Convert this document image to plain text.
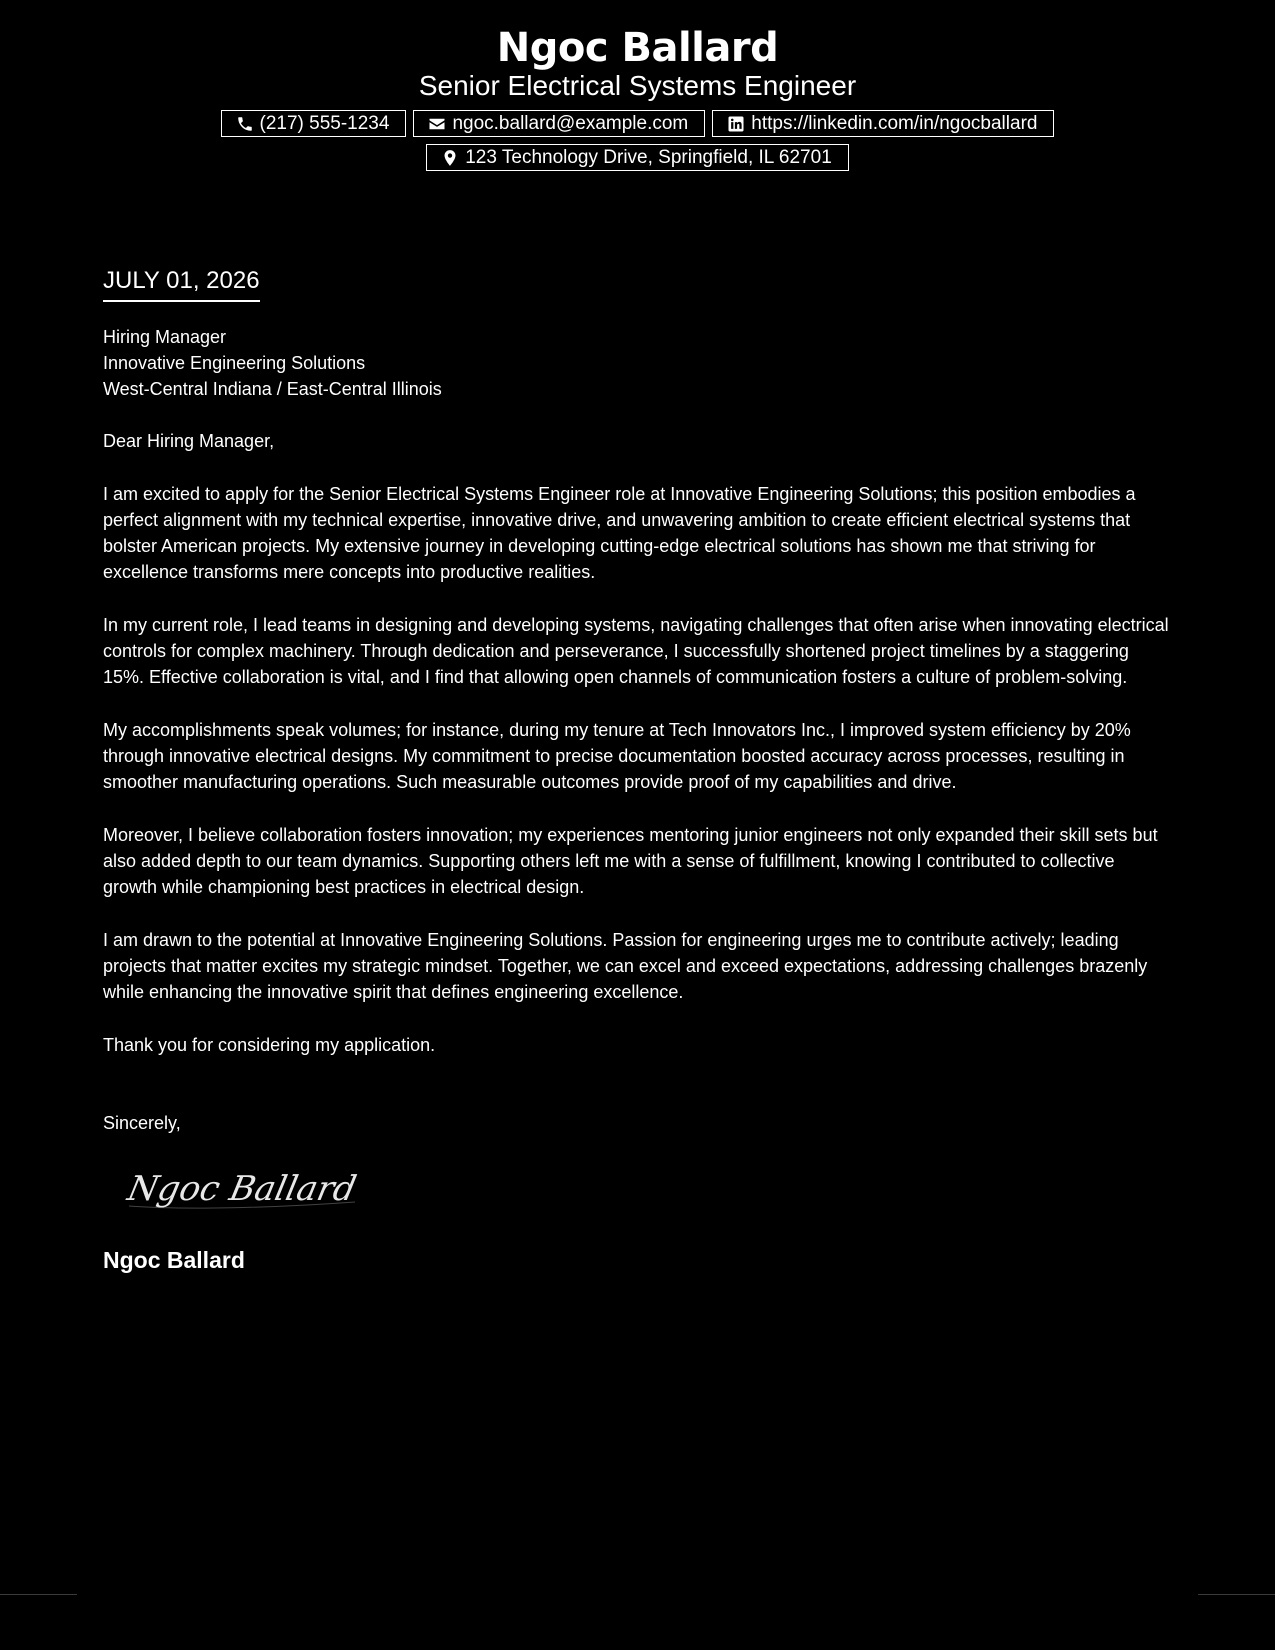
Ngoc Ballard
Senior Electrical Systems Engineer
(217) 555-1234	ngoc.ballard@example.com	https://linkedin.com/in/ngocballard
123 Technology Drive, Springfield, IL 62701
JULY 01, 2026
Hiring Manager
Innovative Engineering Solutions
West-Central Indiana / East-Central Illinois
Dear Hiring Manager,
I am excited to apply for the Senior Electrical Systems Engineer role at Innovative Engineering Solutions; this position embodies a perfect alignment with my technical expertise, innovative drive, and unwavering ambition to create efficient electrical systems that bolster American projects. My extensive journey in developing cutting-edge electrical solutions has shown me that striving for excellence transforms mere concepts into productive realities.
In my current role, I lead teams in designing and developing systems, navigating challenges that often arise when innovating electrical controls for complex machinery. Through dedication and perseverance, I successfully shortened project timelines by a staggering 15%. Effective collaboration is vital, and I find that allowing open channels of communication fosters a culture of problem-solving.
My accomplishments speak volumes; for instance, during my tenure at Tech Innovators Inc., I improved system efficiency by 20% through innovative electrical designs. My commitment to precise documentation boosted accuracy across processes, resulting in smoother manufacturing operations. Such measurable outcomes provide proof of my capabilities and drive.
Moreover, I believe collaboration fosters innovation; my experiences mentoring junior engineers not only expanded their skill sets but also added depth to our team dynamics. Supporting others left me with a sense of fulfillment, knowing I contributed to collective growth while championing best practices in electrical design.
I am drawn to the potential at Innovative Engineering Solutions. Passion for engineering urges me to contribute actively; leading projects that matter excites my strategic mindset. Together, we can excel and exceed expectations, addressing challenges brazenly while enhancing the innovative spirit that defines engineering excellence.
Thank you for considering my application.
Sincerely,
Ngoc Ballard
Ngoc Ballard
